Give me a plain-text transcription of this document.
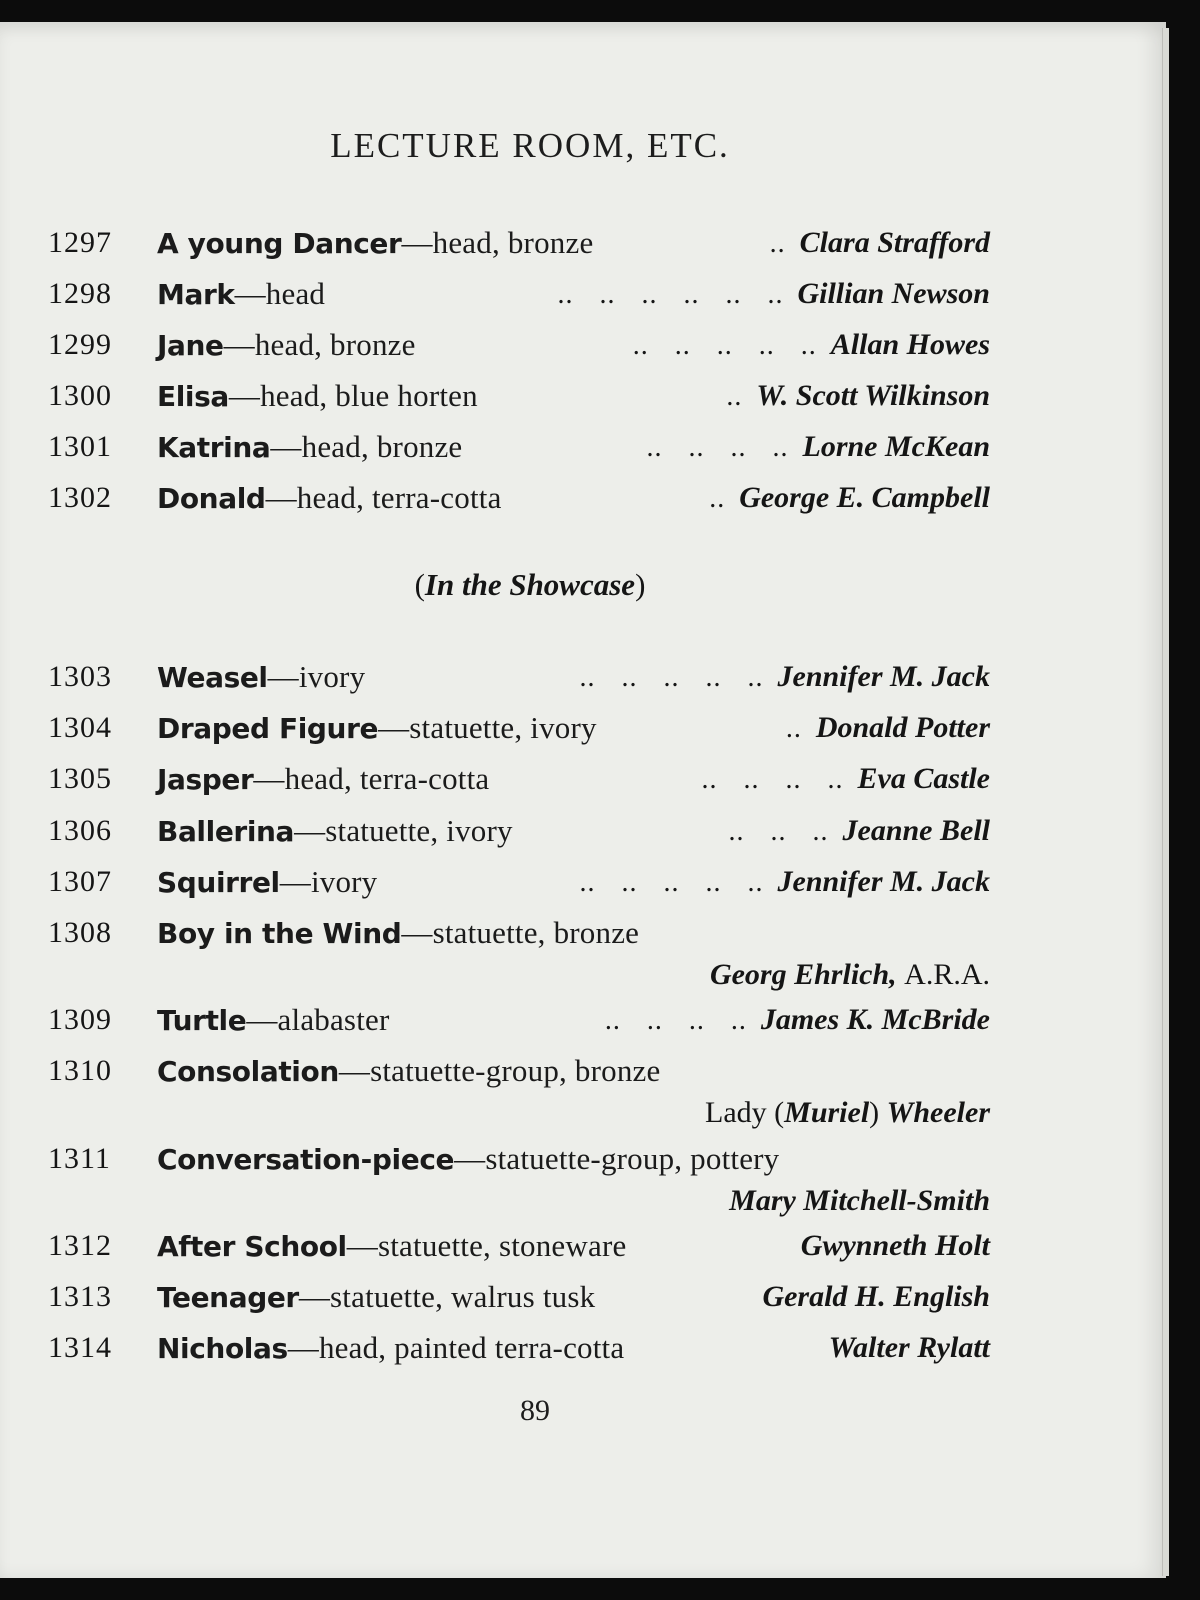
LECTURE ROOM, ETC.
1297 A young Dancer—head, bronze	.. Clara Strafford
1298 Mark—head	.. .. .. .. .. .. Gillian Newson
1299 Jane—head, bronze	.. .. .. .. .. Allan Howes
1300 Elisa—head, blue horten	.. W. Scott Wilkinson
1301 Katrina—head, bronze	.. .. .. .. Lorne McKean
1302 Donald—head, terra-cotta	.. George E. Campbell
(In the Showcase)
1303 Weasel—ivory	.. .. .. .. .. Jennifer M. Jack
1304 Draped Figure—statuette, ivory	.. Donald Potter
1305 Jasper—head, terra-cotta	.. .. .. .. Eva Castle
1306 Ballerina—statuette, ivory	.. .. .. Jeanne Bell
1307 Squirrel—ivory	.. .. .. .. .. Jennifer M. Jack
1308 Boy in the Wind—statuette, bronze
Georg Ehrlich, A.R.A.
1309 Turtle—alabaster	.. .. .. .. James K. McBride
1310 Consolation—statuette-group, bronze
Lady (Muriel) Wheeler
1311 Conversation-piece—statuette-group, pottery
Mary Mitchell-Smith
1312 After School—statuette, stoneware	Gwynneth Holt
1313 Teenager—statuette, walrus tusk	Gerald H. English
1314 Nicholas—head, painted terra-cotta	Walter Rylatt
89
